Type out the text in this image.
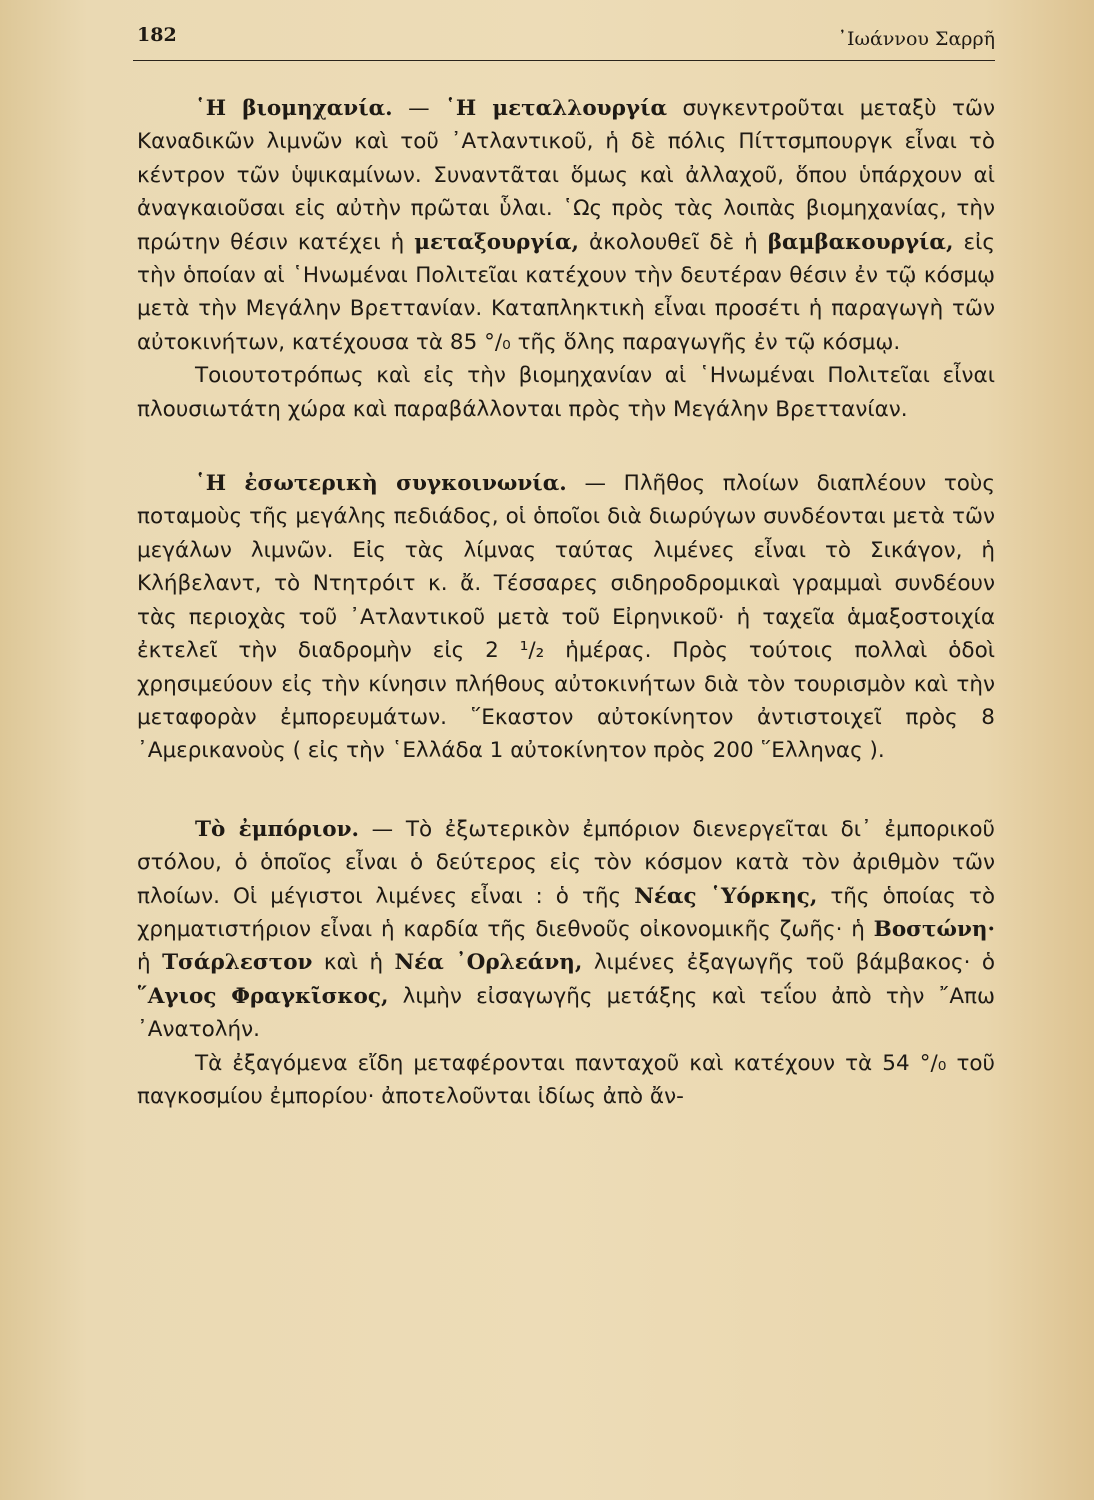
182	᾿Ιωάννου Σαρρῆ

῾Η βιομηχανία. — ῾Η μεταλλουργία συγκεντροῦται μεταξὺ τῶν Καναδικῶν λιμνῶν καὶ τοῦ ᾿Ατλαντικοῦ, ἡ δὲ πόλις Πίττσμπουργκ εἶναι τὸ κέντρον τῶν ὑψικαμίνων. Συναντᾶται ὅμως καὶ ἀλλαχοῦ, ὅπου ὑπάρχουν αἱ ἀναγκαιοῦσαι εἰς αὐτὴν πρῶται ὗλαι. ῾Ως πρὸς τὰς λοιπὰς βιομηχανίας, τὴν πρώτην θέσιν κατέχει ἡ μεταξουργία, ἀκολουθεῖ δὲ ἡ βαμβακουργία, εἰς τὴν ὁποίαν αἱ ῾Ηνωμέναι Πολιτεῖαι κατέχουν τὴν δευτέραν θέσιν ἐν τῷ κόσμῳ μετὰ τὴν Μεγάλην Βρεττανίαν. Καταπληκτικὴ εἶναι προσέτι ἡ παραγωγὴ τῶν αὐτοκινήτων, κατέχουσα τὰ 85 °/₀ τῆς ὅλης παραγωγῆς ἐν τῷ κόσμῳ.

Τοιουτοτρόπως καὶ εἰς τὴν βιομηχανίαν αἱ ῾Ηνωμέναι Πολιτεῖαι εἶναι πλουσιωτάτη χώρα καὶ παραβάλλονται πρὸς τὴν Μεγάλην Βρεττανίαν.

῾Η ἐσωτερικὴ συγκοινωνία. — Πλῆθος πλοίων διαπλέουν τοὺς ποταμοὺς τῆς μεγάλης πεδιάδος, οἱ ὁποῖοι διὰ διωρύγων συνδέονται μετὰ τῶν μεγάλων λιμνῶν. Εἰς τὰς λίμνας ταύτας λιμένες εἶναι τὸ Σικάγον, ἡ Κλήβελαντ, τὸ Ντητρόιτ κ. ἄ. Τέσσαρες σιδηροδρομικαὶ γραμμαὶ συνδέουν τὰς περιοχὰς τοῦ ᾿Ατλαντικοῦ μετὰ τοῦ Εἰρηνικοῦ· ἡ ταχεῖα ἁμαξοστοιχία ἐκτελεῖ τὴν διαδρομὴν εἰς 2 ¹/₂ ἡμέρας. Πρὸς τούτοις πολλαὶ ὁδοὶ χρησιμεύουν εἰς τὴν κίνησιν πλήθους αὐτοκινήτων διὰ τὸν τουρισμὸν καὶ τὴν μεταφορὰν ἐμπορευμάτων. ῞Εκαστον αὐτοκίνητον ἀντιστοιχεῖ πρὸς 8 ᾿Αμερικανοὺς ( εἰς τὴν ῾Ελλάδα 1 αὐτοκίνητον πρὸς 200 ῞Ελληνας ).

Τὸ ἐμπόριον. — Τὸ ἐξωτερικὸν ἐμπόριον διενεργεῖται δι᾿ ἐμπορικοῦ στόλου, ὁ ὁποῖος εἶναι ὁ δεύτερος εἰς τὸν κόσμον κατὰ τὸν ἀριθμὸν τῶν πλοίων. Οἱ μέγιστοι λιμένες εἶναι : ὁ τῆς Νέας ῾Υόρκης, τῆς ὁποίας τὸ χρηματιστήριον εἶναι ἡ καρδία τῆς διεθνοῦς οἰκονομικῆς ζωῆς· ἡ Βοστώνη· ἡ Τσάρλεστον καὶ ἡ Νέα ᾿Ορλεάνη, λιμένες ἐξαγωγῆς τοῦ βάμβακος· ὁ ῞Αγιος Φραγκῖσκος, λιμὴν εἰσαγωγῆς μετάξης καὶ τεΐου ἀπὸ τὴν ῎Απω ᾿Ανατολήν.

Τὰ ἐξαγόμενα εἴδη μεταφέρονται πανταχοῦ καὶ κατέχουν τὰ 54 °/₀ τοῦ παγκοσμίου ἐμπορίου· ἀποτελοῦνται ἰδίως ἀπὸ ἄν-
